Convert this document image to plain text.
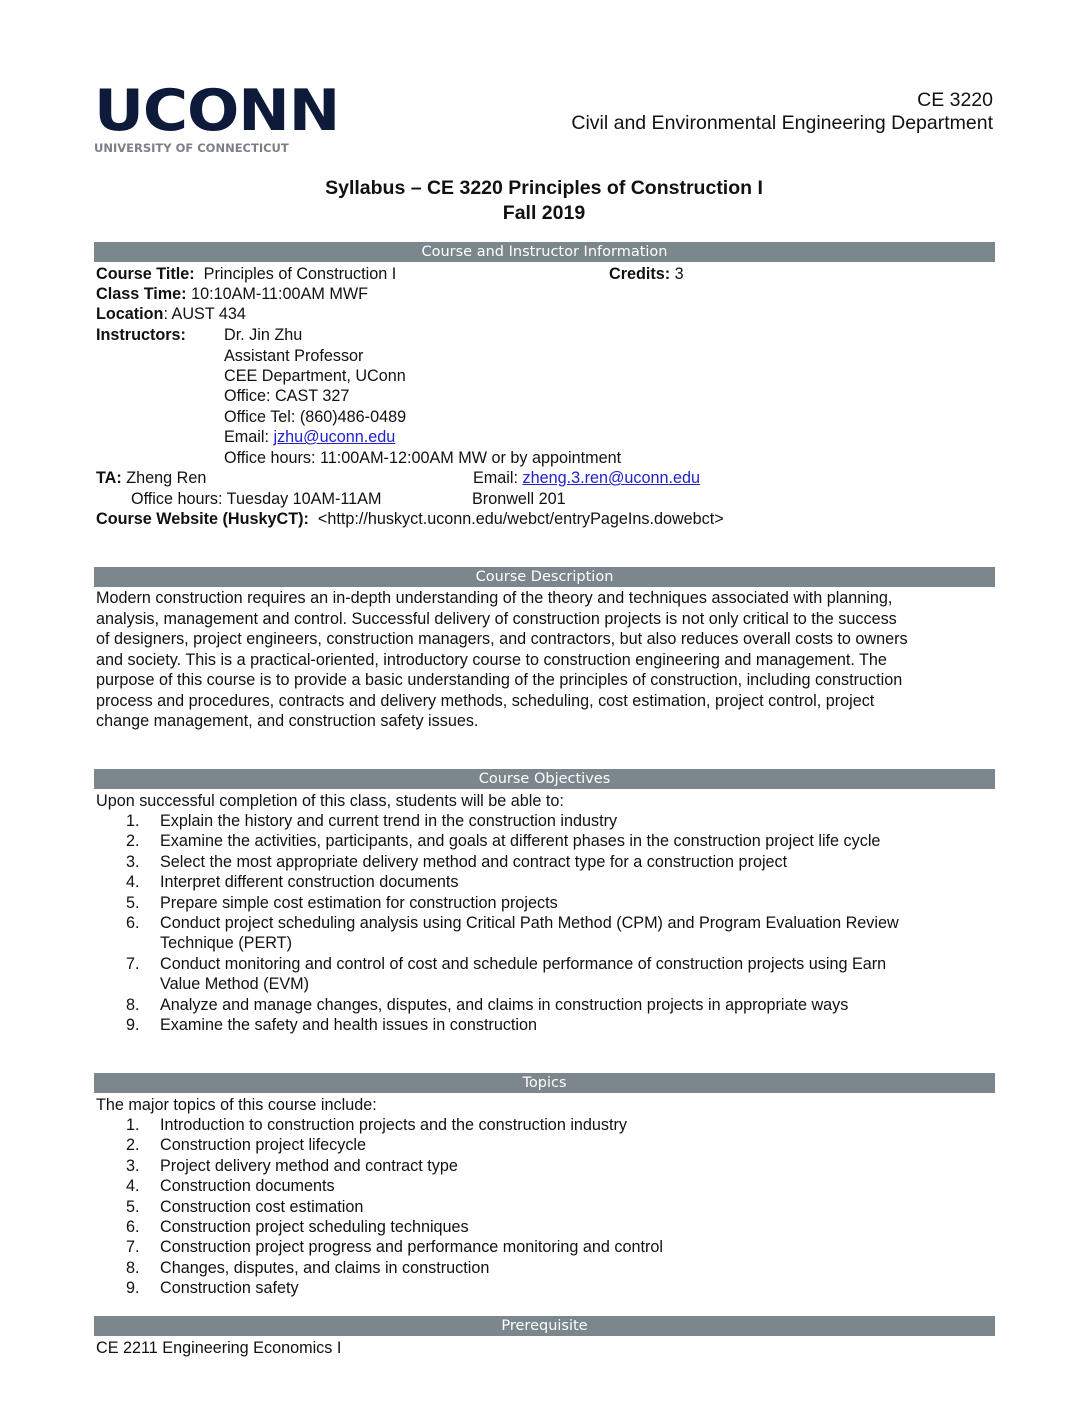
UCONN
UNIVERSITY OF CONNECTICUT
CE 3220
Civil and Environmental Engineering Department
Syllabus – CE 3220 Principles of Construction I
Fall 2019
Course and Instructor Information
Course Title: Principles of Construction I	Credits: 3
Class Time: 10:10AM-11:00AM MWF
Location: AUST 434
Instructors: Dr. Jin Zhu
Assistant Professor
CEE Department, UConn
Office: CAST 327
Office Tel: (860)486-0489
Email: jzhu@uconn.edu
Office hours: 11:00AM-12:00AM MW or by appointment
TA: Zheng Ren	Email: zheng.3.ren@uconn.edu
Office hours: Tuesday 10AM-11AM	Bronwell 201
Course Website (HuskyCT): <http://huskyct.uconn.edu/webct/entryPageIns.dowebct>
Course Description
Modern construction requires an in-depth understanding of the theory and techniques associated with planning,
analysis, management and control. Successful delivery of construction projects is not only critical to the success
of designers, project engineers, construction managers, and contractors, but also reduces overall costs to owners
and society. This is a practical-oriented, introductory course to construction engineering and management. The
purpose of this course is to provide a basic understanding of the principles of construction, including construction
process and procedures, contracts and delivery methods, scheduling, cost estimation, project control, project
change management, and construction safety issues.
Course Objectives
Upon successful completion of this class, students will be able to:
1.	Explain the history and current trend in the construction industry
2.	Examine the activities, participants, and goals at different phases in the construction project life cycle
3.	Select the most appropriate delivery method and contract type for a construction project
4.	Interpret different construction documents
5.	Prepare simple cost estimation for construction projects
6.	Conduct project scheduling analysis using Critical Path Method (CPM) and Program Evaluation Review
Technique (PERT)
7.	Conduct monitoring and control of cost and schedule performance of construction projects using Earn
Value Method (EVM)
8.	Analyze and manage changes, disputes, and claims in construction projects in appropriate ways
9.	Examine the safety and health issues in construction
Topics
The major topics of this course include:
1.	Introduction to construction projects and the construction industry
2.	Construction project lifecycle
3.	Project delivery method and contract type
4.	Construction documents
5.	Construction cost estimation
6.	Construction project scheduling techniques
7.	Construction project progress and performance monitoring and control
8.	Changes, disputes, and claims in construction
9.	Construction safety
Prerequisite
CE 2211 Engineering Economics I
